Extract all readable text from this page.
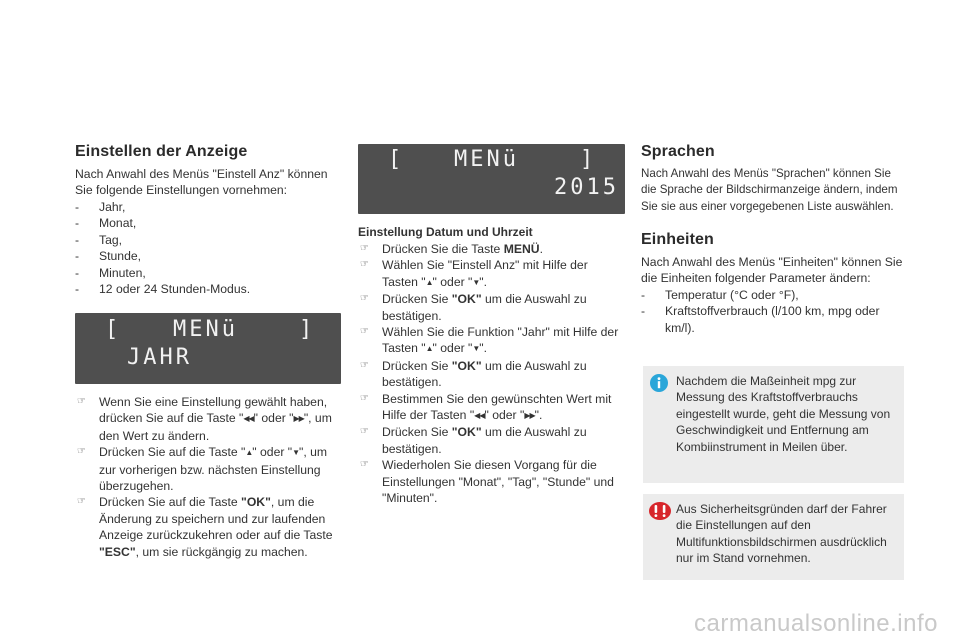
Einstellen der Anzeige

Nach Anwahl des Menüs "Einstell Anz" können Sie folgende Einstellungen vornehmen:

- Jahr,
- Monat,
- Tag,
- Stunde,
- Minuten,
- 12 oder 24 Stunden-Modus.
[ MENü	]
JAHR
☞ Wenn Sie eine Einstellung gewählt haben, drücken Sie auf die Taste "◀◀" oder "▶▶", um den Wert zu ändern.
☞ Drücken Sie auf die Taste "▲" oder "▼", um zur vorherigen bzw. nächsten Einstellung überzugehen.
☞ Drücken Sie auf die Taste "OK", um die Änderung zu speichern und zur laufenden Anzeige zurückzukehren oder auf die Taste "ESC", um sie rückgängig zu machen.
[ MENü	]
2015
Einstellung Datum und Uhrzeit
☞ Drücken Sie die Taste MENÜ.
☞ Wählen Sie "Einstell Anz" mit Hilfe der Tasten "▲" oder "▼".
☞ Drücken Sie "OK" um die Auswahl zu bestätigen.
☞ Wählen Sie die Funktion "Jahr" mit Hilfe der Tasten "▲" oder "▼".
☞ Drücken Sie "OK" um die Auswahl zu bestätigen.
☞ Bestimmen Sie den gewünschten Wert mit Hilfe der Tasten "◀◀" oder "▶▶".
☞ Drücken Sie "OK" um die Auswahl zu bestätigen.
☞ Wiederholen Sie diesen Vorgang für die Einstellungen "Monat", "Tag", "Stunde" und "Minuten".
Sprachen

Nach Anwahl des Menüs "Sprachen" können Sie die Sprache der Bildschirmanzeige ändern, indem Sie sie aus einer vorgegebenen Liste auswählen.

Einheiten

Nach Anwahl des Menüs "Einheiten" können Sie die Einheiten folgender Parameter ändern:

- Temperatur (°C oder °F),
- Kraftstoffverbrauch (l/100 km, mpg oder km/l).

Nachdem die Maßeinheit mpg zur Messung des Kraftstoffverbrauchs eingestellt wurde, geht die Messung von Geschwindigkeit und Entfernung am Kombiinstrument in Meilen über.

Aus Sicherheitsgründen darf der Fahrer die Einstellungen auf den Multifunktionsbildschirmen ausdrücklich nur im Stand vornehmen.

carmanualsonline.info
